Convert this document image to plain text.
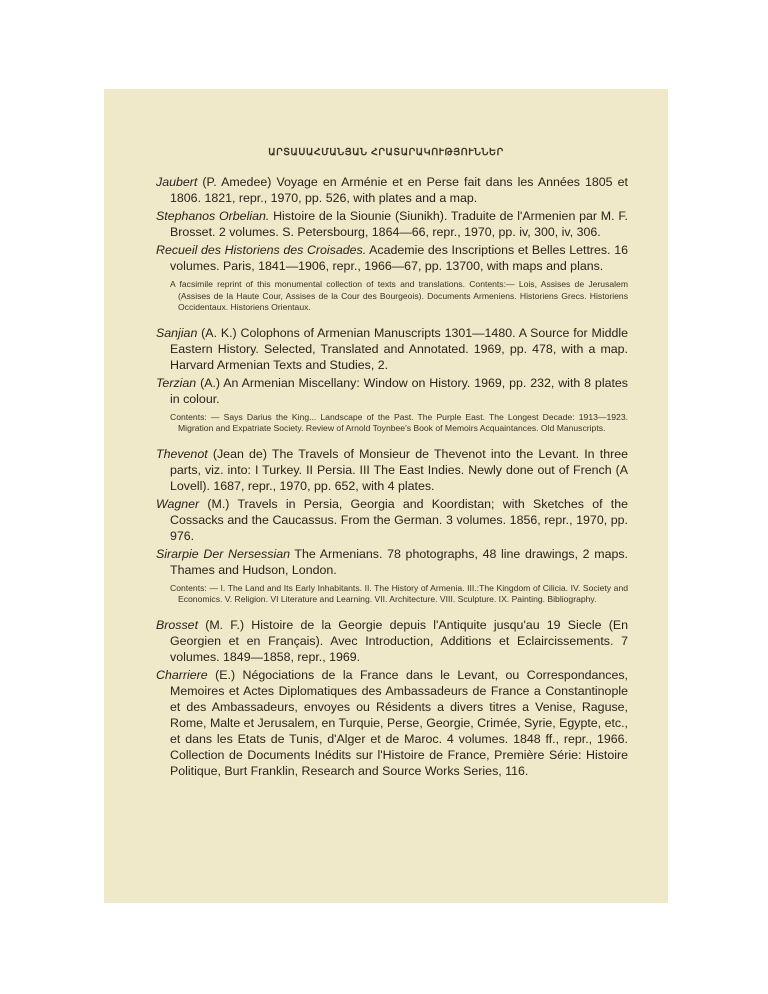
ԱՐՏԱՍԱՀՄԱՆՅԱՆ ՀՐԱՏԱՐԱԿՈՒԹՅՈՒՆՆԵՐ

Jaubert (P. Amedee) Voyage en Arménie et en Perse fait dans les Années 1805 et 1806. 1821, repr., 1970, pp. 526, with plates and a map.

Stephanos Orbelian. Histoire de la Siounie (Siunikh). Traduite de l'Armenien par M. F. Brosset. 2 volumes. S. Petersbourg, 1864—66, repr., 1970, pp. iv, 300, iv, 306.

Recueil des Historiens des Croisades. Academie des Inscriptions et Belles Lettres. 16 volumes. Paris, 1841—1906, repr., 1966—67, pp. 13700, with maps and plans.

A facsimile reprint of this monumental collection of texts and translations. Contents:— Lois, Assises de Jerusalem (Assises de la Haute Cour, Assises de la Cour des Bourgeois). Documents Armeniens. Historiens Grecs. Historiens Occidentaux. Historiens Orientaux.

Sanjian (A. K.) Colophons of Armenian Manuscripts 1301—1480. A Source for Middle Eastern History. Selected, Translated and Annotated. 1969, pp. 478, with a map. Harvard Armenian Texts and Studies, 2.

Terzian (A.) An Armenian Miscellany: Window on History. 1969, pp. 232, with 8 plates in colour.

Contents: — Says Darius the King... Landscape of the Past. The Purple East. The Longest Decade: 1913—1923. Migration and Expatriate Society. Review of Arnold Toynbee's Book of Memoirs Acquaintances. Old Manuscripts.

Thevenot (Jean de) The Travels of Monsieur de Thevenot into the Levant. In three parts, viz. into: I Turkey. II Persia. III The East Indies. Newly done out of French (A Lovell). 1687, repr., 1970, pp. 652, with 4 plates.

Wagner (M.) Travels in Persia, Georgia and Koordistan; with Sketches of the Cossacks and the Caucassus. From the German. 3 volumes. 1856, repr., 1970, pp. 976.

Sirarpie Der Nersessian The Armenians. 78 photographs, 48 line drawings, 2 maps. Thames and Hudson, London.

Contents: — I. The Land and Its Early Inhabitants. II. The History of Armenia. III.:The Kingdom of Cilicia. IV. Society and Economics. V. Religion. VI Literature and Learning. VII. Architecture. VIII. Sculpture. IX. Painting. Bibliography.

Brosset (M. F.) Histoire de la Georgie depuis l'Antiquite jusqu'au 19 Siecle (En Georgien et en Français). Avec Introduction, Additions et Eclaircissements. 7 volumes. 1849—1858, repr., 1969.

Charriere (E.) Négociations de la France dans le Levant, ou Correspondances, Memoires et Actes Diplomatiques des Ambassadeurs de France a Constantinople et des Ambassadeurs, envoyes ou Résidents a divers titres a Venise, Raguse, Rome, Malte et Jerusalem, en Turquie, Perse, Georgie, Crimée, Syrie, Egypte, etc., et dans les Etats de Tunis, d'Alger et de Maroc. 4 volumes. 1848 ff., repr., 1966. Collection de Documents Inédits sur l'Histoire de France, Première Série: Histoire Politique, Burt Franklin, Research and Source Works Series, 116.
